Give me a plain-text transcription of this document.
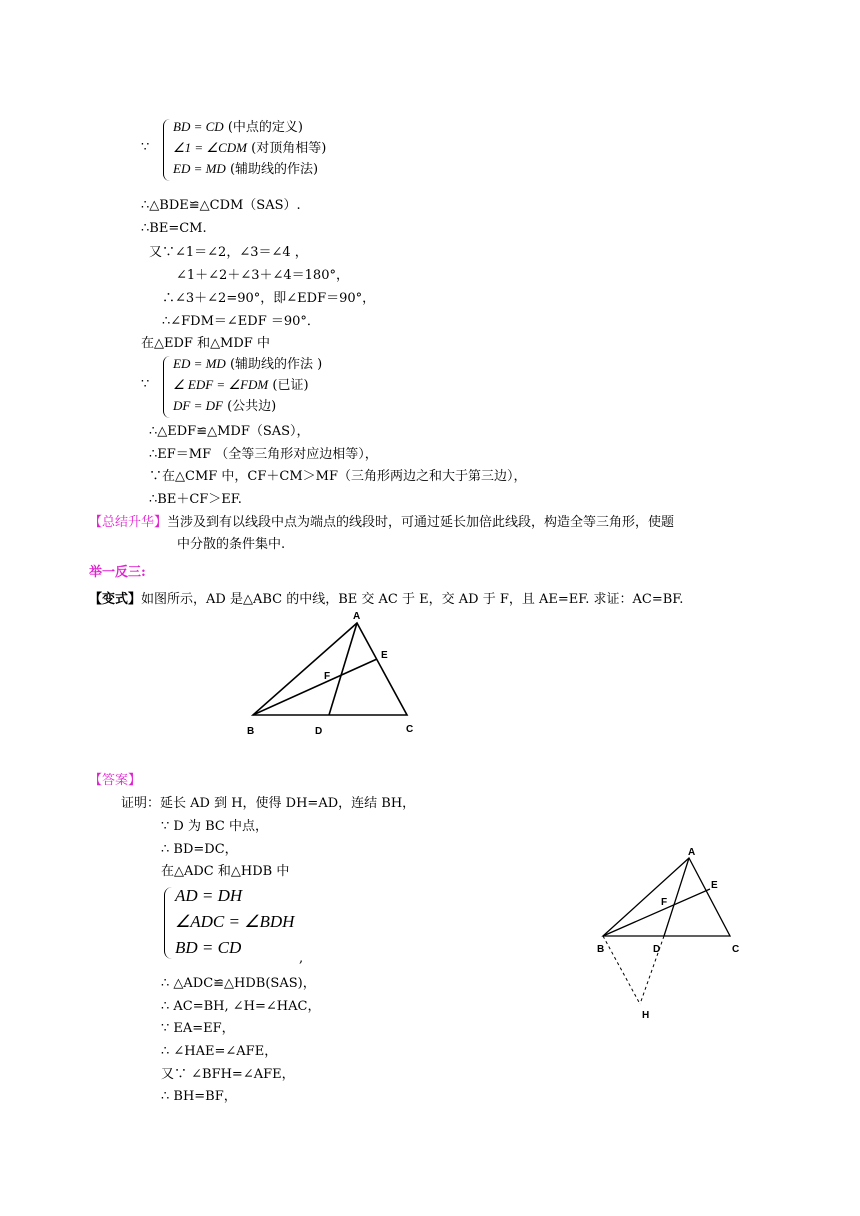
∵
BD = CD (中点的定义)
∠1 = ∠CDM (对顶角相等)
ED = MD (辅助线的作法)
∴△BDE≌△CDM（SAS）.
∴BE=CM.
又∵∠1＝∠2，∠3＝∠4 ，
∠1＋∠2＋∠3＋∠4＝180°，
∴∠3＋∠2=90°，即∠EDF＝90°，
∴∠FDM＝∠EDF ＝90°．
在△EDF 和△MDF 中
∵
ED = MD (辅助线的作法 )
∠ EDF = ∠FDM (已证)
DF = DF (公共边)
∴△EDF≌△MDF（SAS），
∴EF＝MF （全等三角形对应边相等），
∵在△CMF 中，CF＋CM＞MF（三角形两边之和大于第三边），
∴BE＋CF＞EF.
【总结升华】当涉及到有以线段中点为端点的线段时，可通过延长加倍此线段，构造全等三角形，使题
中分散的条件集中.
举一反三:
【变式】如图所示，AD 是△ABC 的中线，BE 交 AC 于 E，交 AD 于 F，且 AE=EF. 求证：AC=BF.
A
B	C
D
E
F
【答案】
证明：延长 AD 到 H，使得 DH=AD，连结 BH，
∵ D 为 BC 中点，
∴ BD=DC，
在△ADC 和△HDB 中
AD = DH
∠ADC = ∠BDH
BD = CD
,
∴ △ADC≌△HDB(SAS)，
∴ AC=BH, ∠H=∠HAC，
∵ EA=EF，
∴ ∠HAE=∠AFE，
又∵ ∠BFH=∠AFE，
∴ BH=BF，
A
B	C
D
E
F
H
